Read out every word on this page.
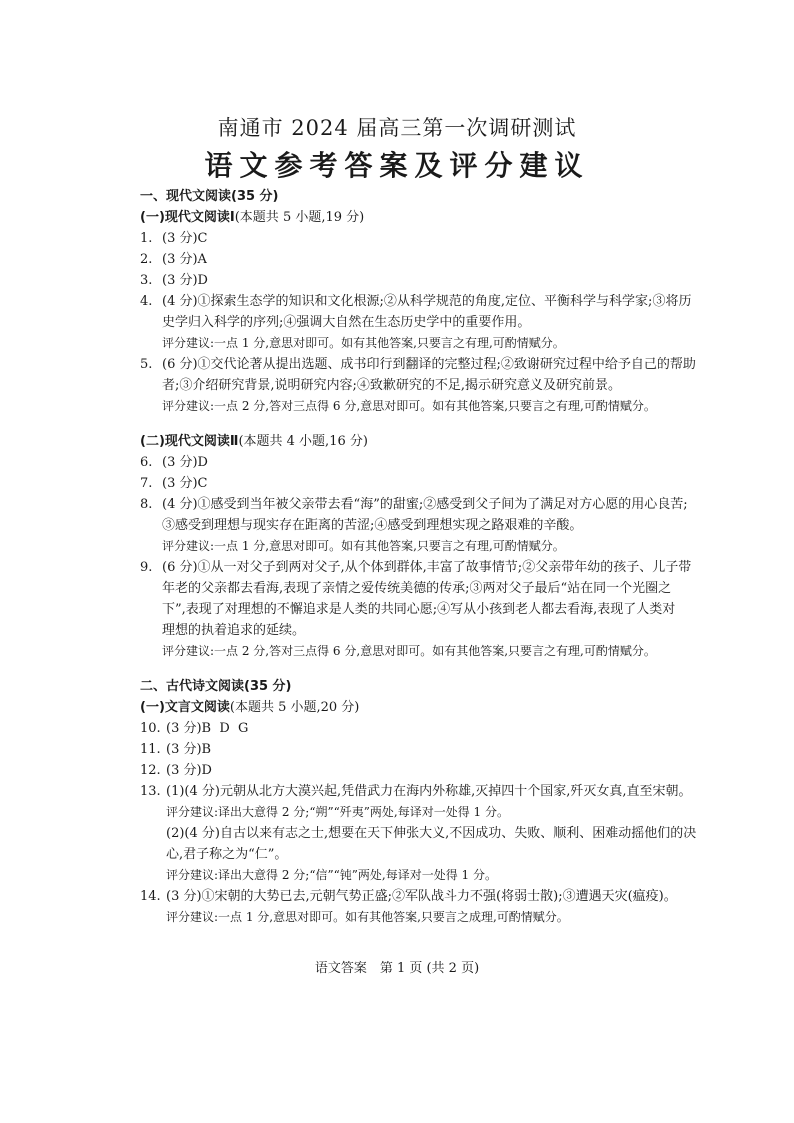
南通市 2024 届高三第一次调研测试
语文参考答案及评分建议
一、现代文阅读(35 分)
(一)现代文阅读Ⅰ(本题共 5 小题,19 分)
1. (3 分)C
2. (3 分)A
3. (3 分)D
4. (4 分)①探索生态学的知识和文化根源;②从科学规范的角度,定位、平衡科学与科学家;③将历
史学归入科学的序列;④强调大自然在生态历史学中的重要作用。
评分建议:一点 1 分,意思对即可。如有其他答案,只要言之有理,可酌情赋分。
5. (6 分)①交代论著从提出选题、成书印行到翻译的完整过程;②致谢研究过程中给予自己的帮助
者;③介绍研究背景,说明研究内容;④致歉研究的不足,揭示研究意义及研究前景。
评分建议:一点 2 分,答对三点得 6 分,意思对即可。如有其他答案,只要言之有理,可酌情赋分。
(二)现代文阅读Ⅱ(本题共 4 小题,16 分)
6. (3 分)D
7. (3 分)C
8. (4 分)①感受到当年被父亲带去看“海”的甜蜜;②感受到父子间为了满足对方心愿的用心良苦;
③感受到理想与现实存在距离的苦涩;④感受到理想实现之路艰难的辛酸。
评分建议:一点 1 分,意思对即可。如有其他答案,只要言之有理,可酌情赋分。
9. (6 分)①从一对父子到两对父子,从个体到群体,丰富了故事情节;②父亲带年幼的孩子、儿子带
年老的父亲都去看海,表现了亲情之爱传统美德的传承;③两对父子最后“站在同一个光圈之
下”,表现了对理想的不懈追求是人类的共同心愿;④写从小孩到老人都去看海,表现了人类对
理想的执着追求的延续。
评分建议:一点 2 分,答对三点得 6 分,意思对即可。如有其他答案,只要言之有理,可酌情赋分。
二、古代诗文阅读(35 分)
(一)文言文阅读(本题共 5 小题,20 分)
10. (3 分)B  D  G
11. (3 分)B
12. (3 分)D
13. (1)(4 分)元朝从北方大漠兴起,凭借武力在海内外称雄,灭掉四十个国家,歼灭女真,直至宋朝。
评分建议:译出大意得 2 分;“朔”“歼夷”两处,每译对一处得 1 分。
(2)(4 分)自古以来有志之士,想要在天下伸张大义,不因成功、失败、顺利、困难动摇他们的决
心,君子称之为“仁”。
评分建议:译出大意得 2 分;“信”“钝”两处,每译对一处得 1 分。
14. (3 分)①宋朝的大势已去,元朝气势正盛;②军队战斗力不强(将弱士散);③遭遇天灾(瘟疫)。
评分建议:一点 1 分,意思对即可。如有其他答案,只要言之成理,可酌情赋分。
语文答案　第 1 页 (共 2 页)
